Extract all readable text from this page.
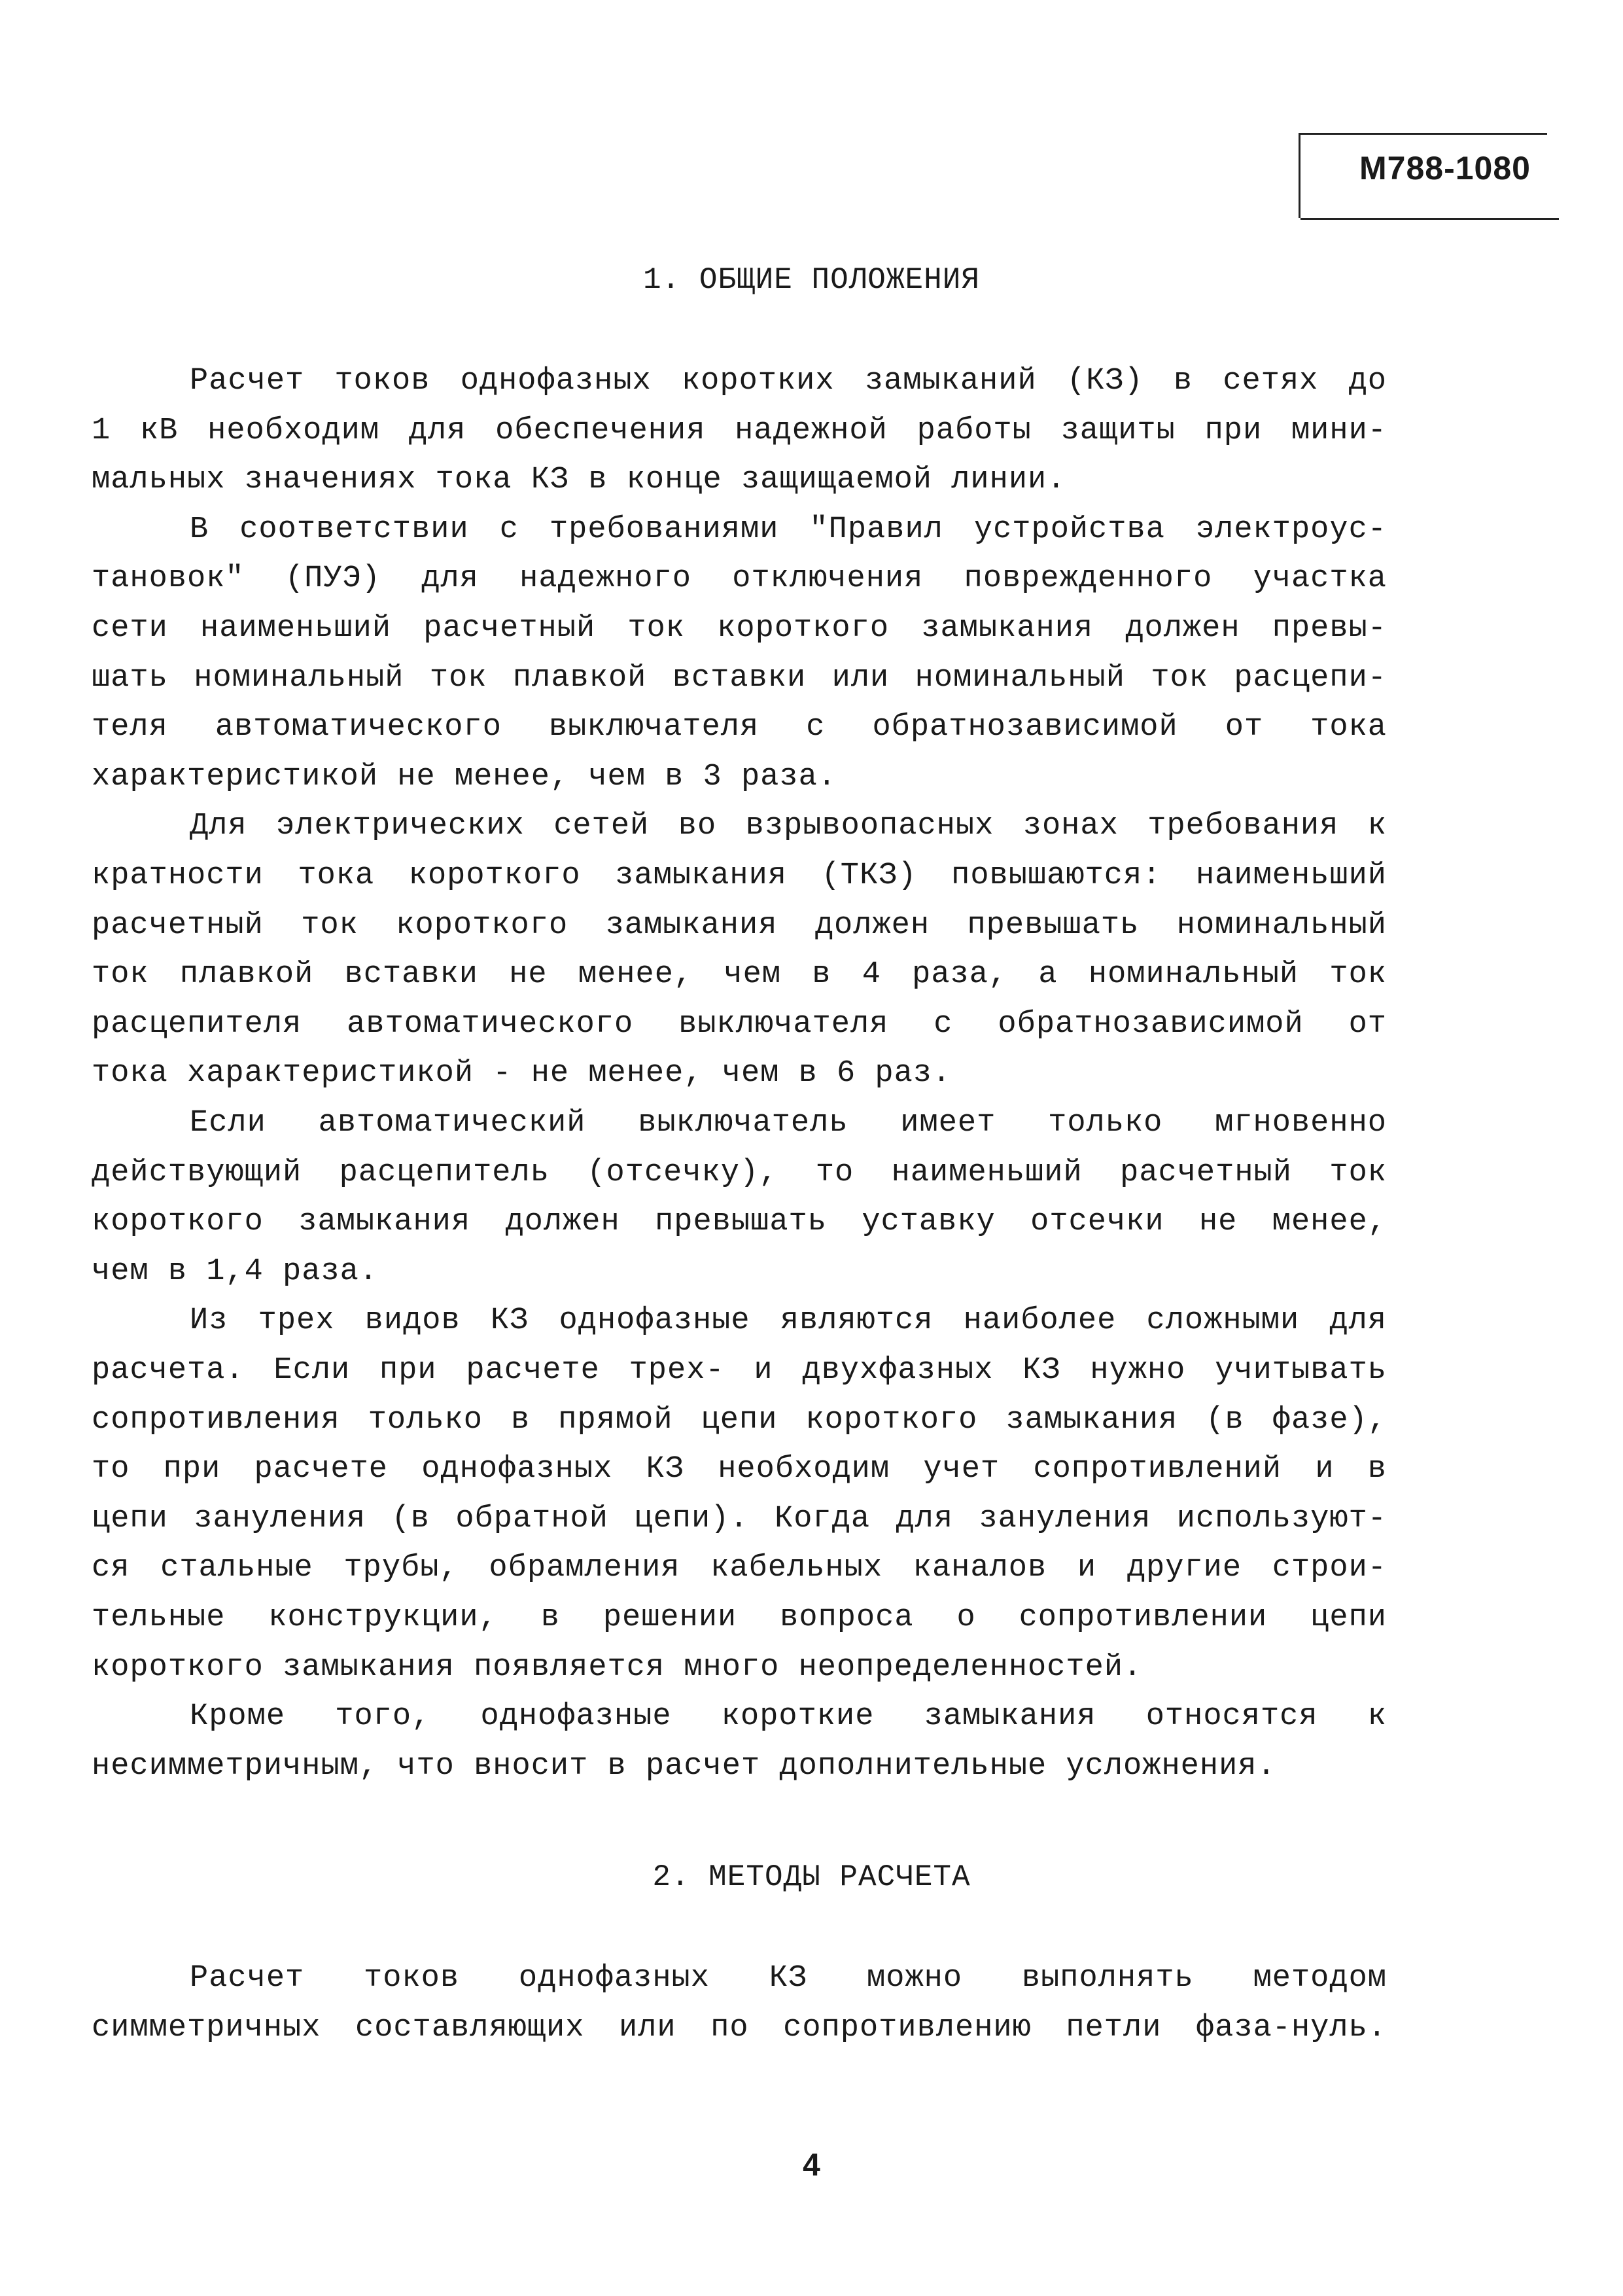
М788-1080
1. ОБЩИЕ ПОЛОЖЕНИЯ
Расчет токов однофазных коротких замыканий (КЗ) в сетях до
1 кВ необходим для обеспечения надежной работы защиты при мини-
мальных значениях тока КЗ в конце защищаемой линии.
В соответствии с требованиями "Правил устройства электроус-
тановок" (ПУЭ) для надежного отключения поврежденного участка
сети наименьший расчетный ток короткого замыкания должен превы-
шать номинальный ток плавкой вставки или номинальный ток расцепи-
теля автоматического выключателя с обратнозависимой от тока
характеристикой не менее, чем в 3 раза.
Для электрических сетей во взрывоопасных зонах требования к
кратности тока короткого замыкания (ТКЗ) повышаются: наименьший
расчетный ток короткого замыкания должен превышать номинальный
ток плавкой вставки не менее, чем в 4 раза, а номинальный ток
расцепителя автоматического выключателя с обратнозависимой от
тока характеристикой - не менее, чем в 6 раз.
Если автоматический выключатель имеет только мгновенно
действующий расцепитель (отсечку), то наименьший расчетный ток
короткого замыкания должен превышать уставку отсечки не менее,
чем в 1,4 раза.
Из трех видов КЗ однофазные являются наиболее сложными для
расчета. Если при расчете трех- и двухфазных КЗ нужно учитывать
сопротивления только в прямой цепи короткого замыкания (в фазе),
то при расчете однофазных КЗ необходим учет сопротивлений и в
цепи зануления (в обратной цепи). Когда для зануления используют-
ся стальные трубы, обрамления кабельных каналов и другие строи-
тельные конструкции, в решении вопроса о сопротивлении цепи
короткого замыкания появляется много неопределенностей.
Кроме того, однофазные короткие замыкания относятся к
несимметричным, что вносит в расчет дополнительные усложнения.
2. МЕТОДЫ РАСЧЕТА
Расчет токов однофазных КЗ можно выполнять методом
симметричных составляющих или по сопротивлению петли фаза-нуль.
4
